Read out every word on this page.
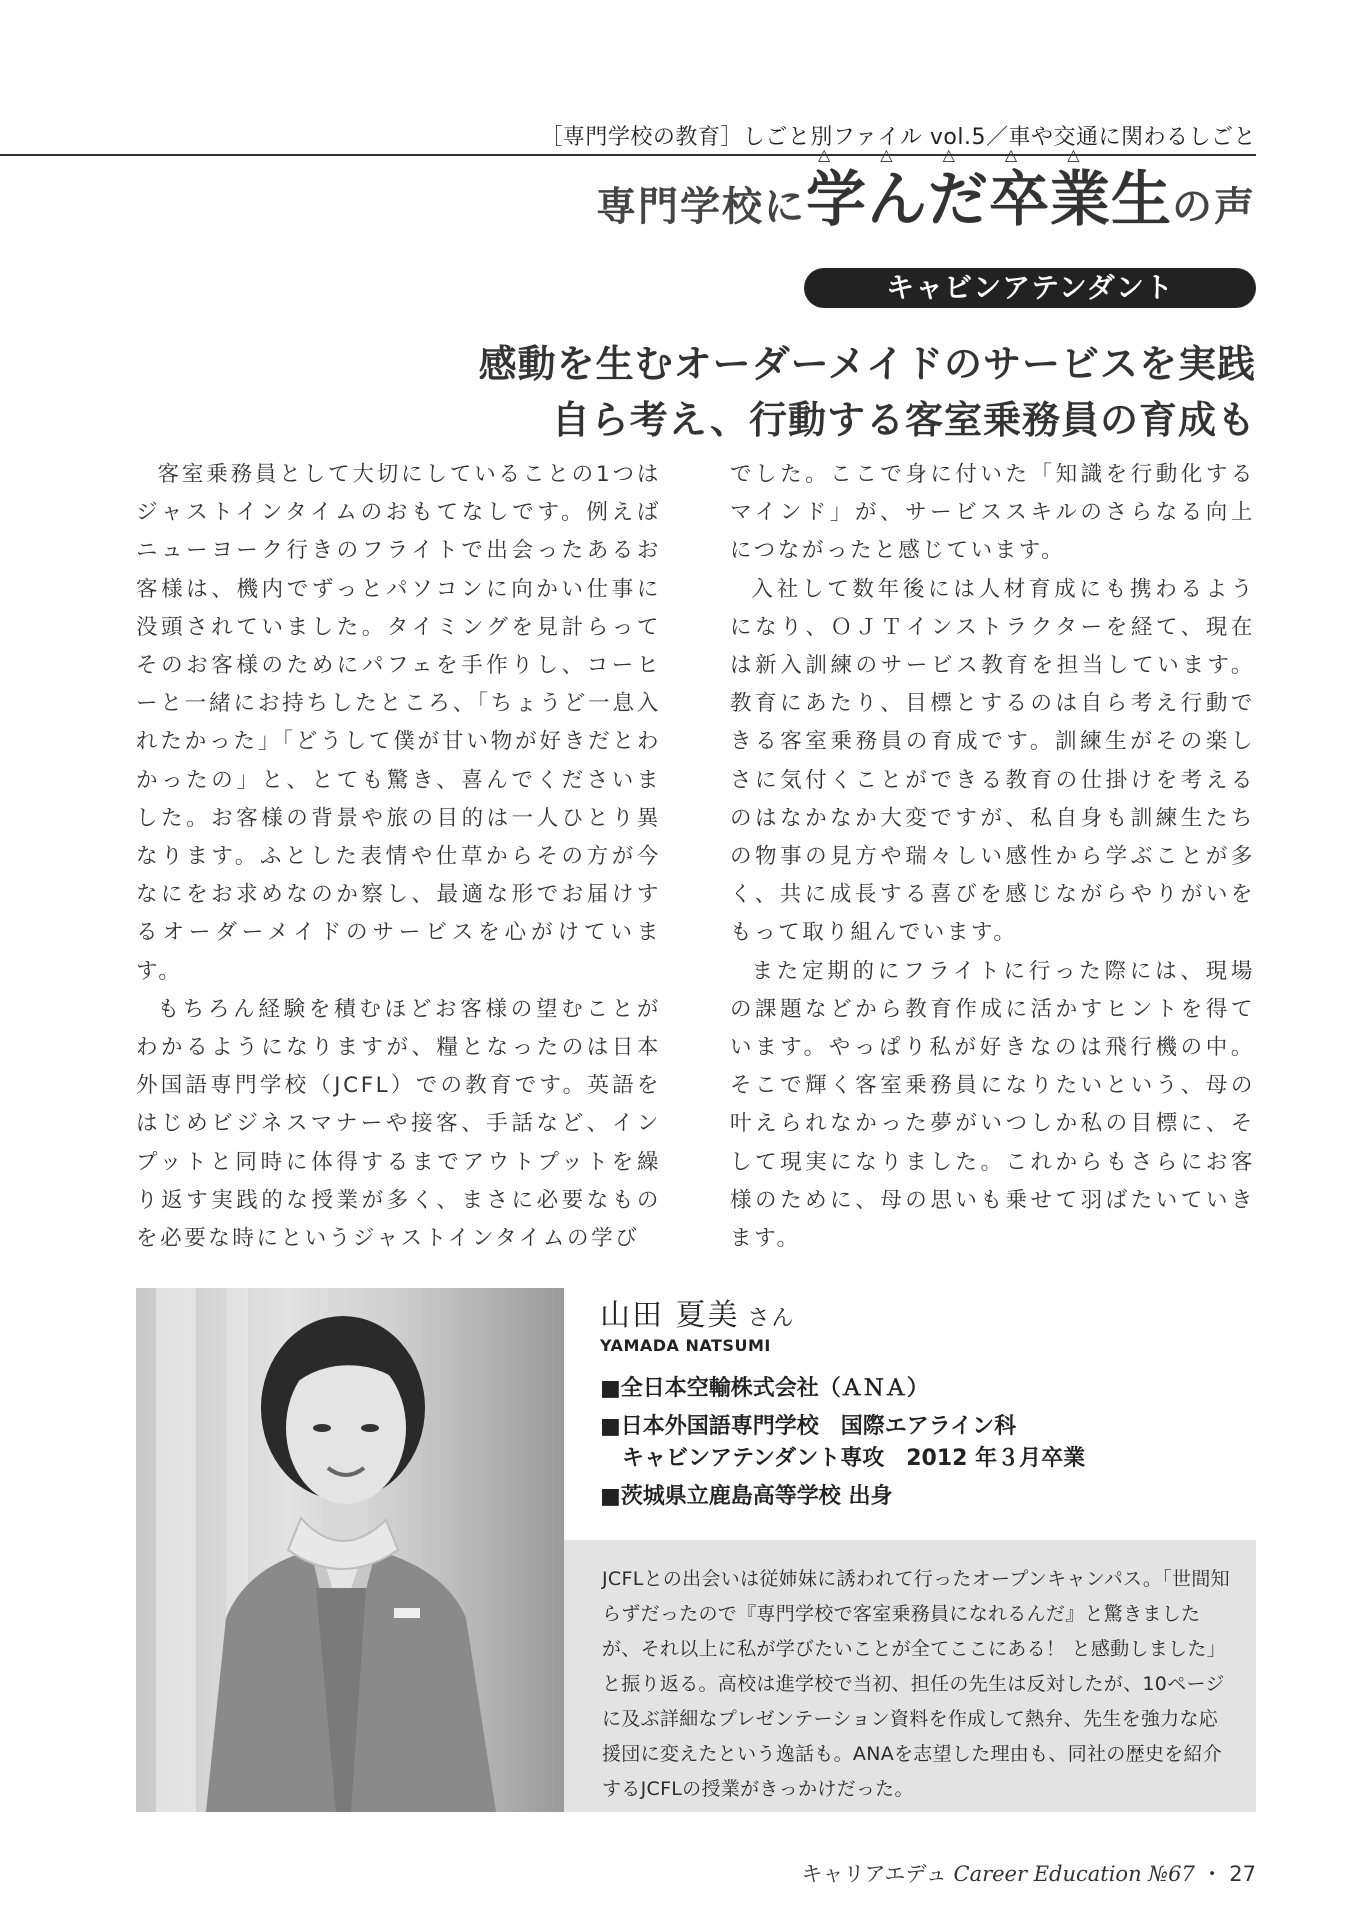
［専門学校の教育］しごと別ファイル vol.5／車や交通に関わるしごと
専門学校に
△△△△△
学んだ卒業生の声
キャビンアテンダント
感動を生むオーダーメイドのサービスを実践
自ら考え、行動する客室乗務員の育成も

客室乗務員として大切にしていることの1つはジャストインタイムのおもてなしです。例えばニューヨーク行きのフライトで出会ったあるお客様は、機内でずっとパソコンに向かい仕事に没頭されていました。タイミングを見計らってそのお客様のためにパフェを手作りし、コーヒーと一緒にお持ちしたところ、「ちょうど一息入れたかった」「どうして僕が甘い物が好きだとわかったの」と、とても驚き、喜んでくださいました。お客様の背景や旅の目的は一人ひとり異なります。ふとした表情や仕草からその方が今なにをお求めなのか察し、最適な形でお届けするオーダーメイドのサービスを心がけています。

もちろん経験を積むほどお客様の望むことがわかるようになりますが、糧となったのは日本外国語専門学校（JCFL）での教育です。英語をはじめビジネスマナーや接客、手話など、インプットと同時に体得するまでアウトプットを繰り返す実践的な授業が多く、まさに必要なものを必要な時にというジャストインタイムの学び

でした。ここで身に付いた「知識を行動化するマインド」が、サービススキルのさらなる向上につながったと感じています。

入社して数年後には人材育成にも携わるようになり、ＯＪＴインストラクターを経て、現在は新入訓練のサービス教育を担当しています。教育にあたり、目標とするのは自ら考え行動できる客室乗務員の育成です。訓練生がその楽しさに気付くことができる教育の仕掛けを考えるのはなかなか大変ですが、私自身も訓練生たちの物事の見方や瑞々しい感性から学ぶことが多く、共に成長する喜びを感じながらやりがいをもって取り組んでいます。

また定期的にフライトに行った際には、現場の課題などから教育作成に活かすヒントを得ています。やっぱり私が好きなのは飛行機の中。そこで輝く客室乗務員になりたいという、母の叶えられなかった夢がいつしか私の目標に、そして現実になりました。これからもさらにお客様のために、母の思いも乗せて羽ばたいていきます。

山田 夏美 さん
YAMADA NATSUMI
■全日本空輸株式会社（ＡＮＡ）
■日本外国語専門学校　国際エアライン科
キャビンアテンダント専攻　2012 年３月卒業
■茨城県立鹿島高等学校 出身
JCFLとの出会いは従姉妹に誘われて行ったオープンキャンパス。「世間知らずだったので『専門学校で客室乗務員になれるんだ』と驚きましたが、それ以上に私が学びたいことが全てここにある！ と感動しました」と振り返る。高校は進学校で当初、担任の先生は反対したが、10ページに及ぶ詳細なプレゼンテーション資料を作成して熱弁、先生を強力な応援団に変えたという逸話も。ANAを志望した理由も、同社の歴史を紹介するJCFLの授業がきっかけだった。
キャリアエデュ Career Education №67 ・ 27
